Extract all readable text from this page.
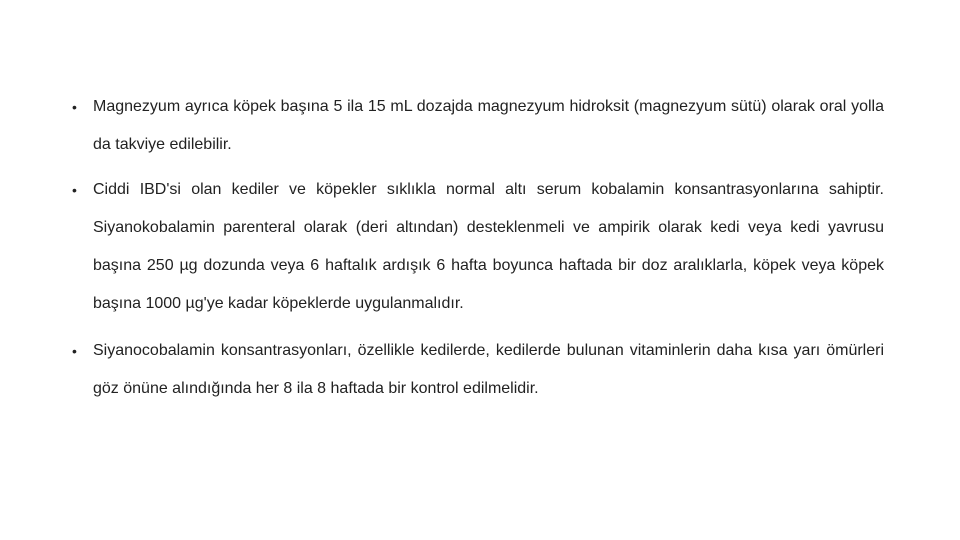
• Magnezyum ayrıca köpek başına 5 ila 15 mL dozajda magnezyum hidroksit (magnezyum sütü) olarak oral yolla da takviye edilebilir.
• Ciddi IBD'si olan kediler ve köpekler sıklıkla normal altı serum kobalamin konsantrasyonlarına sahiptir. Siyanokobalamin parenteral olarak (deri altından) desteklenmeli ve ampirik olarak kedi veya kedi yavrusu başına 250 µg dozunda veya 6 haftalık ardışık 6 hafta boyunca haftada bir doz aralıklarla, köpek veya köpek başına 1000 µg'ye kadar köpeklerde uygulanmalıdır.
• Siyanocobalamin konsantrasyonları, özellikle kedilerde, kedilerde bulunan vitaminlerin daha kısa yarı ömürleri göz önüne alındığında her 8 ila 8 haftada bir kontrol edilmelidir.
